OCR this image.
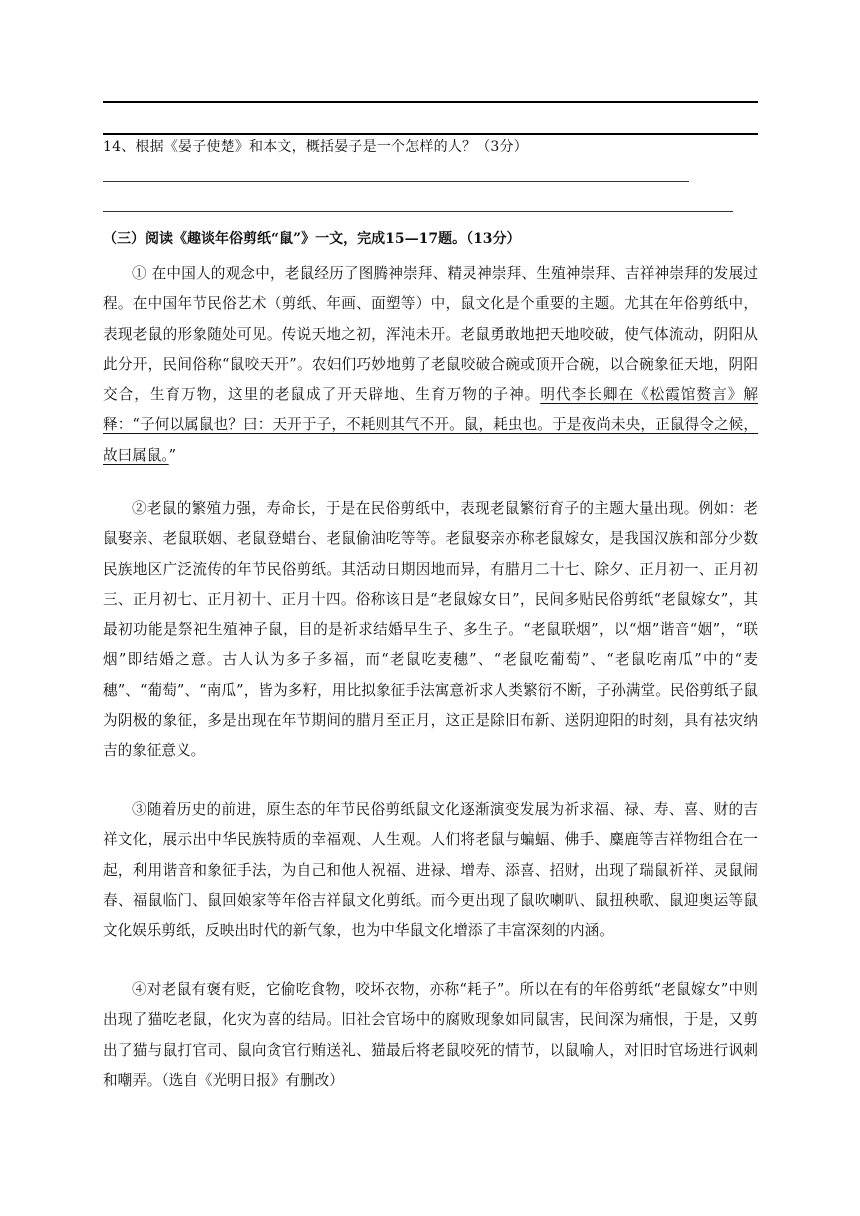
14、根据《晏子使楚》和本文，概括晏子是一个怎样的人？（3分）
（三）阅读《趣谈年俗剪纸“鼠”》一文，完成15—17题。（13分）
① 在中国人的观念中，老鼠经历了图腾神崇拜、精灵神崇拜、生殖神崇拜、吉祥神崇拜的发展过程。在中国年节民俗艺术（剪纸、年画、面塑等）中，鼠文化是个重要的主题。尤其在年俗剪纸中，表现老鼠的形象随处可见。传说天地之初，浑沌未开。老鼠勇敢地把天地咬破，使气体流动，阴阳从此分开，民间俗称“鼠咬天开”。农妇们巧妙地剪了老鼠咬破合碗或顶开合碗，以合碗象征天地，阴阳交合，生育万物，这里的老鼠成了开天辟地、生育万物的子神。明代李长卿在《松霞馆赘言》解释：“子何以属鼠也？曰：天开于子，不耗则其气不开。鼠，耗虫也。于是夜尚未央，正鼠得令之候，故曰属鼠。”
②老鼠的繁殖力强，寿命长，于是在民俗剪纸中，表现老鼠繁衍育子的主题大量出现。例如：老鼠娶亲、老鼠联姻、老鼠登蜡台、老鼠偷油吃等等。老鼠娶亲亦称老鼠嫁女，是我国汉族和部分少数民族地区广泛流传的年节民俗剪纸。其活动日期因地而异，有腊月二十七、除夕、正月初一、正月初三、正月初七、正月初十、正月十四。俗称该日是“老鼠嫁女日”，民间多贴民俗剪纸“老鼠嫁女”，其最初功能是祭祀生殖神子鼠，目的是祈求结婚早生子、多生子。“老鼠联烟”，以“烟”谐音“姻”，“联烟”即结婚之意。古人认为多子多福，而“老鼠吃麦穗”、“老鼠吃葡萄”、“老鼠吃南瓜”中的“麦穗”、“葡萄”、“南瓜”，皆为多籽，用比拟象征手法寓意祈求人类繁衍不断，子孙满堂。民俗剪纸子鼠为阴极的象征，多是出现在年节期间的腊月至正月，这正是除旧布新、送阴迎阳的时刻，具有祛灾纳吉的象征意义。
③随着历史的前进，原生态的年节民俗剪纸鼠文化逐渐演变发展为祈求福、禄、寿、喜、财的吉祥文化，展示出中华民族特质的幸福观、人生观。人们将老鼠与蝙蝠、佛手、麋鹿等吉祥物组合在一起，利用谐音和象征手法，为自己和他人祝福、进禄、增寿、添喜、招财，出现了瑞鼠祈祥、灵鼠闹春、福鼠临门、鼠回娘家等年俗吉祥鼠文化剪纸。而今更出现了鼠吹喇叭、鼠扭秧歌、鼠迎奥运等鼠文化娱乐剪纸，反映出时代的新气象，也为中华鼠文化增添了丰富深刻的内涵。
④对老鼠有褒有贬，它偷吃食物，咬坏衣物，亦称“耗子”。所以在有的年俗剪纸“老鼠嫁女”中则出现了猫吃老鼠，化灾为喜的结局。旧社会官场中的腐败现象如同鼠害，民间深为痛恨，于是，又剪出了猫与鼠打官司、鼠向贪官行贿送礼、猫最后将老鼠咬死的情节，以鼠喻人，对旧时官场进行讽刺和嘲弄。（选自《光明日报》有删改）
